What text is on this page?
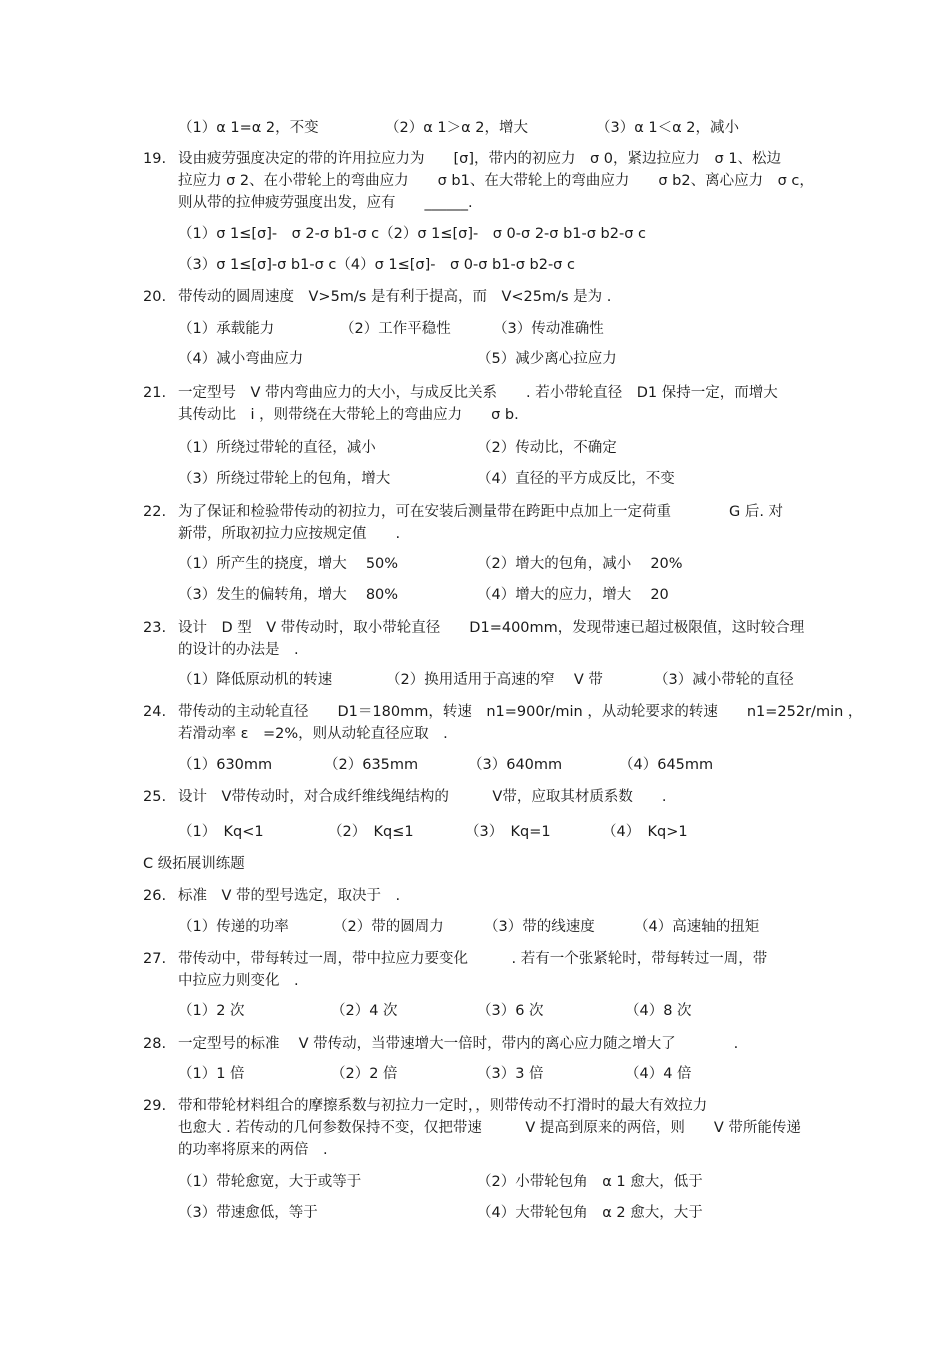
（1）α 1=α 2，不变	（2）α 1＞α 2，增大	（3）α 1＜α 2，减小
19. 设由疲劳强度决定的带的许用拉应力为　　[σ]，带内的初应力　σ 0，紧边拉应力　σ 1、松边
拉应力 σ 2、在小带轮上的弯曲应力　　σ b1、在大带轮上的弯曲应力　　σ b2、离心应力　σ c，
则从带的拉伸疲劳强度出发，应有　　______.
（1）σ 1≤[σ]-　σ 2-σ b1-σ c（2）σ 1≤[σ]-　σ 0-σ 2-σ b1-σ b2-σ c
（3）σ 1≤[σ]-σ b1-σ c（4）σ 1≤[σ]-　σ 0-σ b1-σ b2-σ c
20. 带传动的圆周速度　V>5m/s 是有利于提高，而　V<25m/s 是为 .
（1）承载能力	（2）工作平稳性	（3）传动准确性
（4）减小弯曲应力	（5）减少离心拉应力
21. 一定型号　V 带内弯曲应力的大小，与成反比关系　　. 若小带轮直径　D1 保持一定，而增大
其传动比　i ，则带绕在大带轮上的弯曲应力　　σ b.
（1）所绕过带轮的直径，减小	（2）传动比，不确定
（3）所绕过带轮上的包角，增大	（4）直径的平方成反比，不变
22. 为了保证和检验带传动的初拉力，可在安装后测量带在跨距中点加上一定荷重　　　　G 后. 对
新带，所取初拉力应按规定值　　.
（1）所产生的挠度，增大　 50%	（2）增大的包角，减小　 20%
（3）发生的偏转角，增大　 80%	（4）增大的应力，增大　 20
23. 设计　D 型　V 带传动时，取小带轮直径　　D1=400mm，发现带速已超过极限值，这时较合理
的设计的办法是　.
（1）降低原动机的转速	（2）换用适用于高速的窄　 V 带	（3）减小带轮的直径
24. 带传动的主动轮直径　　D1＝180mm，转速　n1=900r/min ，从动轮要求的转速　　n1=252r/min ，
若滑动率 ε　=2%，则从动轮直径应取　.
（1）630mm	（2）635mm	（3）640mm	（4）645mm
25. 设计　V带传动时，对合成纤维线绳结构的　　　V带，应取其材质系数　　.
（1）　Kq<1	（2）　Kq≤1	（3）　Kq=1	（4）　Kq>1
C 级拓展训练题
26. 标准　V 带的型号选定，取决于　.
（1）传递的功率	（2）带的圆周力	（3）带的线速度	（4）高速轴的扭矩
27. 带传动中，带每转过一周，带中拉应力要变化　　　. 若有一个张紧轮时，带每转过一周，带
中拉应力则变化　.
（1）2 次	（2）4 次	（3）6 次	（4）8 次
28. 一定型号的标准　 V 带传动，当带速增大一倍时，带内的离心应力随之增大了　　　　.
（1）1 倍	（2）2 倍	（3）3 倍	（4）4 倍
29. 带和带轮材料组合的摩擦系数与初拉力一定时，，则带传动不打滑时的最大有效拉力
也愈大 . 若传动的几何参数保持不变，仅把带速　　　V 提高到原来的两倍，则　　V 带所能传递
的功率将原来的两倍　.
（1）带轮愈宽，大于或等于	（2）小带轮包角　α 1 愈大，低于
（3）带速愈低，等于	（4）大带轮包角　α 2 愈大，大于
